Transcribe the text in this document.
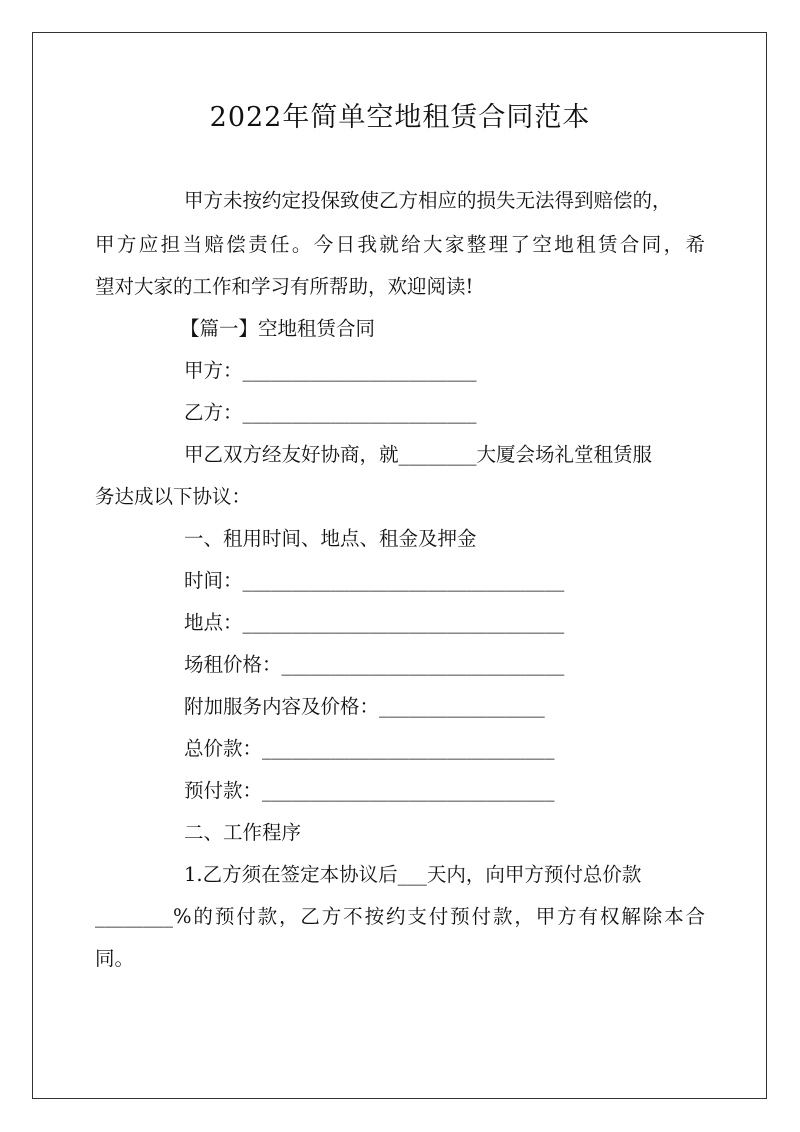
2022年简单空地租赁合同范本
甲方未按约定投保致使乙方相应的损失无法得到赔偿的，
甲方应担当赔偿责任。今日我就给大家整理了空地租赁合同，希
望对大家的工作和学习有所帮助，欢迎阅读!
【篇一】空地租赁合同
甲方：________________________
乙方：________________________
甲乙双方经友好协商，就________大厦会场礼堂租赁服
务达成以下协议：
一、租用时间、地点、租金及押金
时间：_________________________________
地点：_________________________________
场租价格：_____________________________
附加服务内容及价格：_________________
总价款：______________________________
预付款：______________________________
二、工作程序
1.乙方须在签定本协议后___天内，向甲方预付总价款
________%的预付款，乙方不按约支付预付款，甲方有权解除本合
同。
